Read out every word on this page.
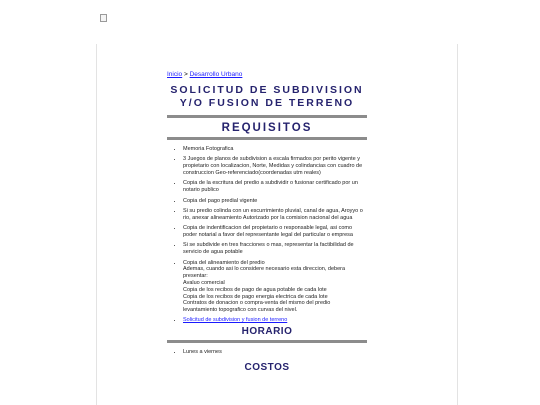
Inicio > Desarrollo Urbano

SOLICITUD DE SUBDIVISION Y/O FUSION DE TERRENO
REQUISITOS
• Memoria Fotografica
• 3 Juegos de planos de subdivision a escala firmados por perito vigente y propietario con localizacion, Norte, Medidas y colindancias con cuadro de construccion Geo-referenciado(coordenadas utm reales)
• Copia de la escritura del predio a subdividir o fusionar certificado por un notario publico
• Copia del pago predial vigente
• Si su predio colinda con un escurrimiento pluvial, canal de agua, Aroyyo o rio, anexar alineamiento Autorizado por la comision nacional del agua
• Copia de indentificacion del propietario o responsable legal, asi como poder notarial a favor del representante legal del particular o empresa
• Si se subdivide en tres fracciones o mas, representar la factibilidad de servicio de agua potable
• Copia del alineamiento del predio
Ademas, cuando asi lo considere necesario esta direccion, debera presentar:
Avaluo comercial
Copia de los recibos de pago de agua potable de cada lote
Copia de los recibos de pago energia electrica de cada lote
Contratos de donacion o compra-venta del mismo del predio
levantamiento topografico con curvas del nivel.
• Solicitud de subdivision y fusion de terreno
HORARIO
• Lunes a viernes
COSTOS
